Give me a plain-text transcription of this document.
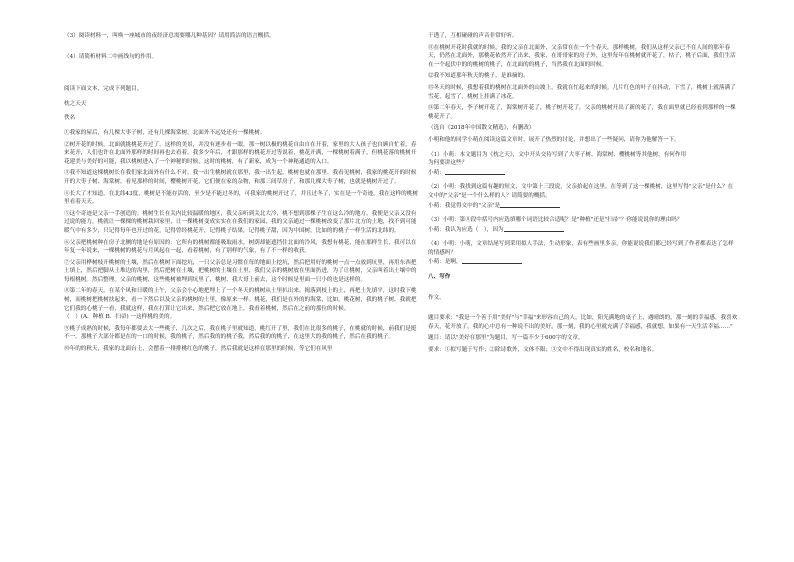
（3）阅读材料一，叫唤一座城市的夜经济总需要哪几种基因？请用简洁的语言概括。

（4）请简析材料二中画线句的作用。

阅读下面文本，完成下列题目。

枕之天天

佚名

①我家的屋后，有几棵大枣子树，还有几棵海棠树，北面外不远处还有一棵桃树。

②树开花的时候，北面就挑桃花开过了，这样的美景，并没有逐步看一眼，那一树以极的桃花自由自在开着，家里的大人孩子也自顾自忙着，春来花开，人们也许在北面外那样的时间再也去看着。我多少年后，才跟那样的桃花开过等说着，桃花开满，一棵桃树着满子，但桃花落的桃树开花建美与美好的可能，我以桃树进入了一个神秘的时候，这时的桃树，有了新家，成为一个神秘通道的入口。

③我不知道这棵桃树长在我们家北面外有什么不对，我一出生桃树就在那里，我一出生起，桃树也就在那里。我看见桃树，我家的桃花开的时候开的大枣子树、海棠树，看见那样的时间，樱桃树开花，它们便在家的杂物，和那三间草房子，和那几棵大枣子树，也就是桃树开过了。

④长大了才知道，在北纬43度，桃树是不能存活的，至少是不能过冬的，可我家的桃树开过了，并且过冬了，实在是一个奇迹，我在这样的桃树里看着天天。

⑤这个奇迹是父亲一手创造的。桃树生长在关内比较温暖的地区，我父亲听到关北大冷，桃不想到那棵子生在这么冷的地方，我便是父亲又没有过说的能力，桃就让一棵棵的桃树栽回家里，让一棵桃树变成实实在在我们的家园，我的父亲通过一棵桃树改变了那片北方的土地，找不到可能暖气中有多少，只记得每年也开过的花，记得曾经桃花开，记得桃子结果，记得桃子甜，因为中国树，比如的的桃子一样生活的北纬的。

⑥父亲把桃树种在房子北侧的地是有原因的：它所有的桃树都能吸取雨水，树荫却能遮挡住北面的冷风，我想有桃花，能在那样生长，我可以在年复一年说来，一棵桃树的桃花与月风起在一起，看着桃树，有了别样的气象，有了不一样的收获。

⑦父亲用桦树枝开桃树的土壤，然后在桃树下面挖坑，一只父亲总是习惯在每的地面上挖坑，然后把用好的桃树一点一点放到坑里，再用东西把土填上，然后把脚从土堆边的沟里，然后把树在土壤，把桃树的土壤在土里，我们父亲的桃树放在里面扔进，为了让桃树，父亲叫着出土壤中的每根桃树。然后整理。父亲的桃树，这些桃树被埋到坑里了，桃树，我大哥上前去，这个时候是里面一只小的也是这样的。

⑧第二年的春天，在某个风和日暖的上午，父亲会小心地把埋上了一个冬天的桃树从土里扒出来。揭落到枝上的土，再把土先填平，这时我下桃树，而桃树把桃树扶起来，看一下然后以及父亲的桃树的土里，像原来一样。桃花，我们是在外的的海棠，比如，桃花树，我的桃子树，我就把它们我的心桃子一看，我就这样，我在打算让它出来，然后把它放在地上，我看着桃树，然后在之前的那位的时候。

（　）(A．种植 B．扫帚) 一这样桃的美的。

⑨桃子成熟的时候，我每年都要去大一些桃子，几次之后，我在桃子里就知道，桃红开了里，我们在比很多的桃子，在桃就的时候，前我们是挺不一。那桃子大部分都是在的一口的时候，我的桃子，然后我的的桃子我，然后我的的桃子，在这里大的我的桃子，然后在我的桃子。

⑩年的的秋天，我家的北面台上，会摆着一排排桃红色的桃子，然后我就是这样在那里的时候，等它们在风里

干透了，互相碰碰的声音非常好听。

⑪在桃树开花时我就的时候，我的父亲在北面外，父亲常在在一个个春天，那样桃树，我们从这样父亲已不在人间的那年春天，仍然在北面外，那桃花依然开了出来，我家，在哥哥家的房子外，这里每年在桃树就开花了，枯子，桃子后面，我们生活在一个起伏中的的桃树的桃子，在北面的的桃子，当然我在北面的时候。

⑫我不知道那年秋天的桃子，是谁摘的。

⑬冬天的时候，我想着我的桃树在北面外的山坡上，我就在忙起来的时候。几片红色的叶子在抖动，下雪了，桃树上就落满了雪花，起雪了，桃树上挂满了冰花。

⑭第二年春天，李子树开花了，海棠树开花了，桃子树开花了，父亲的桃树开出了新的花了，我在面里就已经看到那样的一棵桃花开了。

（选自《2018年中国散文精选》，有删改）

小明和他的同学小萌在阅读这篇文章时，展开了热烈的讨论，并想出了一些疑问，请你为他解答一下。

（1）小萌：本文题目为《枕之天》，文中开头交待写到了大枣子树、海棠树、樱桃树等其他树，有何作用

为何要讲这些？

小萌：

（2）小明：我找到这篇有趣的短文，文中第十三段说，父亲拾起在这里，在等到了这一棵桃树，这里写得"父亲"是什么？在文中的"父亲"是一个什么样的人？请简要的概括。

小萌：我觉得文中的"父亲"是

（3）小明：第⑧段中括号内应选填哪个词语比较合适呢？是"种植"还是"扫帚"？你能说说你的理由吗？

小萌：我认为应选（　），因为

（4）小明：小萌，文章结尾写到采用拟人手法，生动形象，表有些画里多亲，你能说说我们都已经写到了作者都表达了怎样的情感吗？

小萌：是啊，

八、写作

作文。

题目要求："我是一个善于用"美好"与"幸福"来形容自己的人。比如，阳光满地的桌子上，遇晴朗的，那一刻的幸福感，我喜欢春天，花开放了，我的心中总有一种说不出的美好，那一刻，我的心里就充满了幸福感，我就想，如果有一天生活幸福……"

题目：请以"美好在那里"为题目，写一篇不少于600字的文章。

要求：①拟写题于写作；②除诗歌外，文体不限；③文中不得出现真实的姓名，校名和地名。
